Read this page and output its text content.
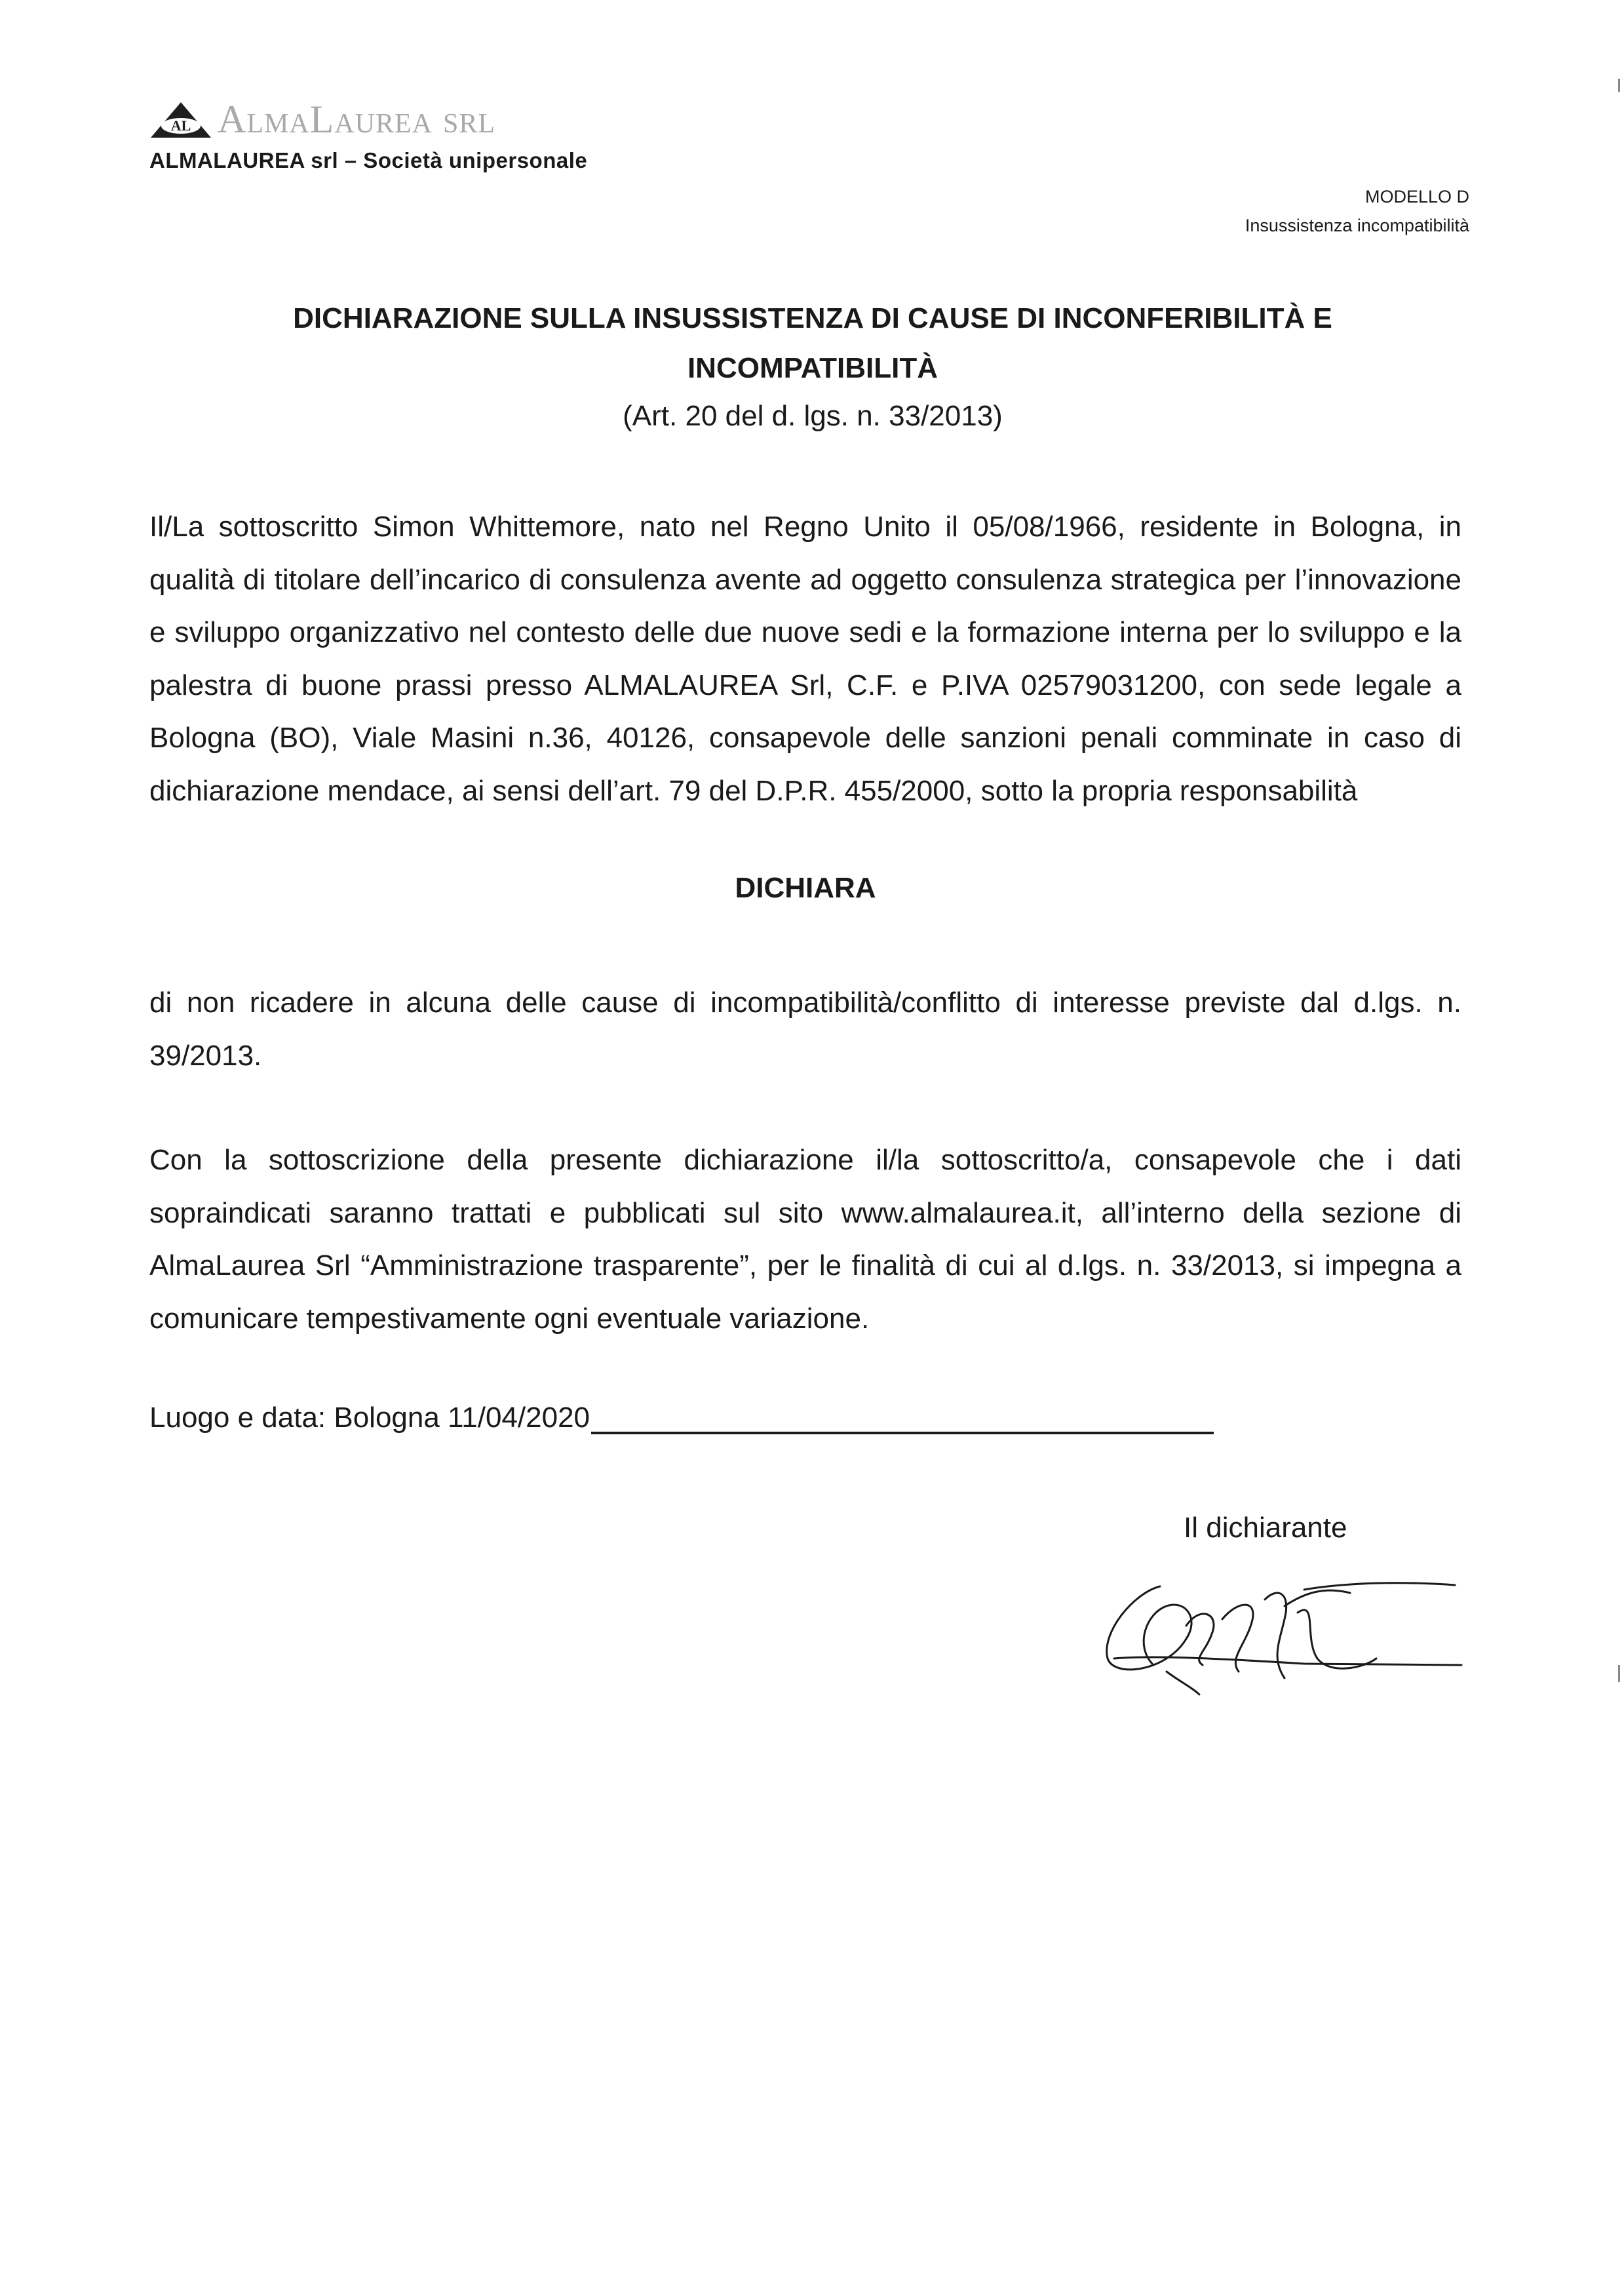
AL AlmaLaurea srl
ALMALAUREA srl – Società unipersonale
MODELLO D
Insussistenza incompatibilità
DICHIARAZIONE SULLA INSUSSISTENZA DI CAUSE DI INCONFERIBILITÀ E
INCOMPATIBILITÀ
(Art. 20 del d. lgs. n. 33/2013)
Il/La sottoscritto Simon Whittemore, nato nel Regno Unito il 05/08/1966, residente in Bologna, in qualità di titolare dell’incarico di consulenza avente ad oggetto consulenza strategica per l’innovazione e sviluppo organizzativo nel contesto delle due nuove sedi e la formazione interna per lo sviluppo e la palestra di buone prassi presso ALMALAUREA Srl, C.F. e P.IVA 02579031200, con sede legale a Bologna (BO), Viale Masini n.36, 40126, consapevole delle sanzioni penali comminate in caso di dichiarazione mendace, ai sensi dell’art. 79 del D.P.R. 455/2000, sotto la propria responsabilità
DICHIARA
di non ricadere in alcuna delle cause di incompatibilità/conflitto di interesse previste dal d.lgs. n. 39/2013.
Con la sottoscrizione della presente dichiarazione il/la sottoscritto/a, consapevole che i dati sopraindicati saranno trattati e pubblicati sul sito www.almalaurea.it, all’interno della sezione di AlmaLaurea Srl “Amministrazione trasparente”, per le finalità di cui al d.lgs. n. 33/2013, si impegna a comunicare tempestivamente ogni eventuale variazione.
Luogo e data: Bologna 11/04/2020
Il dichiarante
